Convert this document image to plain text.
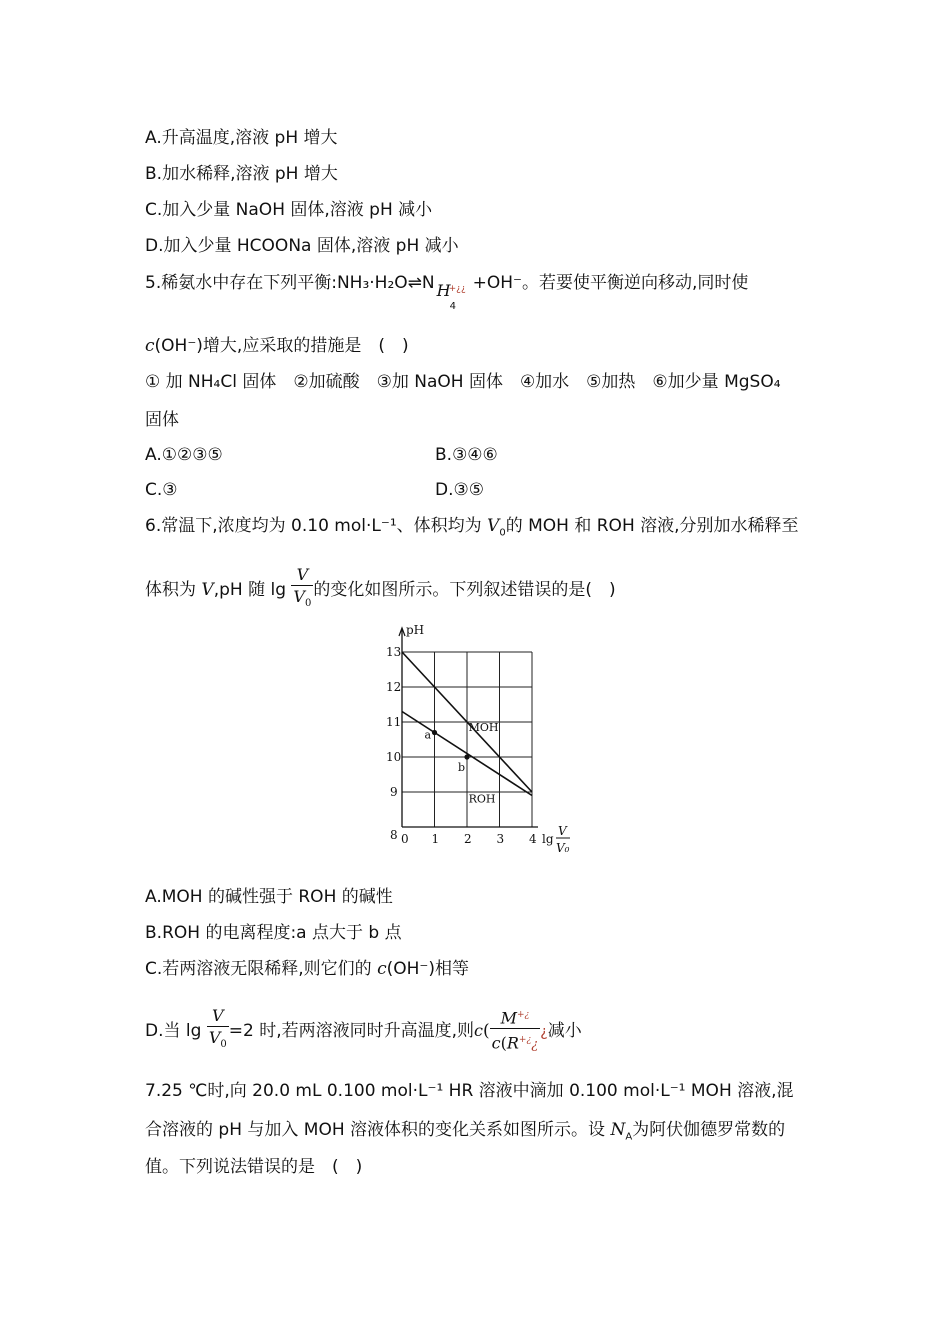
A.升高温度,溶液 pH 增大
B.加水稀释,溶液 pH 增大
C.加入少量 NaOH 固体,溶液 pH 减小
D.加入少量 HCOONa 固体,溶液 pH 减小
5.稀氨水中存在下列平衡:NH₃·H₂O⇌N H
+¿¿
4
+OH⁻。若要使平衡逆向移动,同时使
c(OH⁻)增大,应采取的措施是　(　)
① 加 NH₄Cl 固体　②加硫酸　③加 NaOH 固体　④加水　⑤加热　⑥加少量 MgSO₄
固体
A.①②③⑤	B.③④⑥
C.③	D.③⑤
6.常温下,浓度均为 0.10 mol·L⁻¹、体积均为 $V_0$的 MOH 和 ROH 溶液,分别加水稀释至
体积为 V,pH 随 $\lg \frac{V}{V_0}$ 的变化如图所示。下列叙述错误的是(　)
0 1 2 3 4
8
9
10
11
12
13
MOH
ROH
a
b
pH
lg
V
V₀
A.MOH 的碱性强于 ROH 的碱性
B.ROH 的电离程度:a 点大于 b 点
C.若两溶液无限稀释,则它们的 c(OH⁻)相等
D.当 $\lg \frac{V}{V_0} =2$ 时,若两溶液同时升高温度,则$c( \frac{M^{+¿}}{c(R^{+¿}¿}$ ¿减小
7.25 ℃时,向 20.0 mL 0.100 mol·L⁻¹ HR 溶液中滴加 0.100 mol·L⁻¹ MOH 溶液,混
合溶液的 pH 与加入 MOH 溶液体积的变化关系如图所示。设 $N_A$为阿伏伽德罗常数的
值。下列说法错误的是　(　)
